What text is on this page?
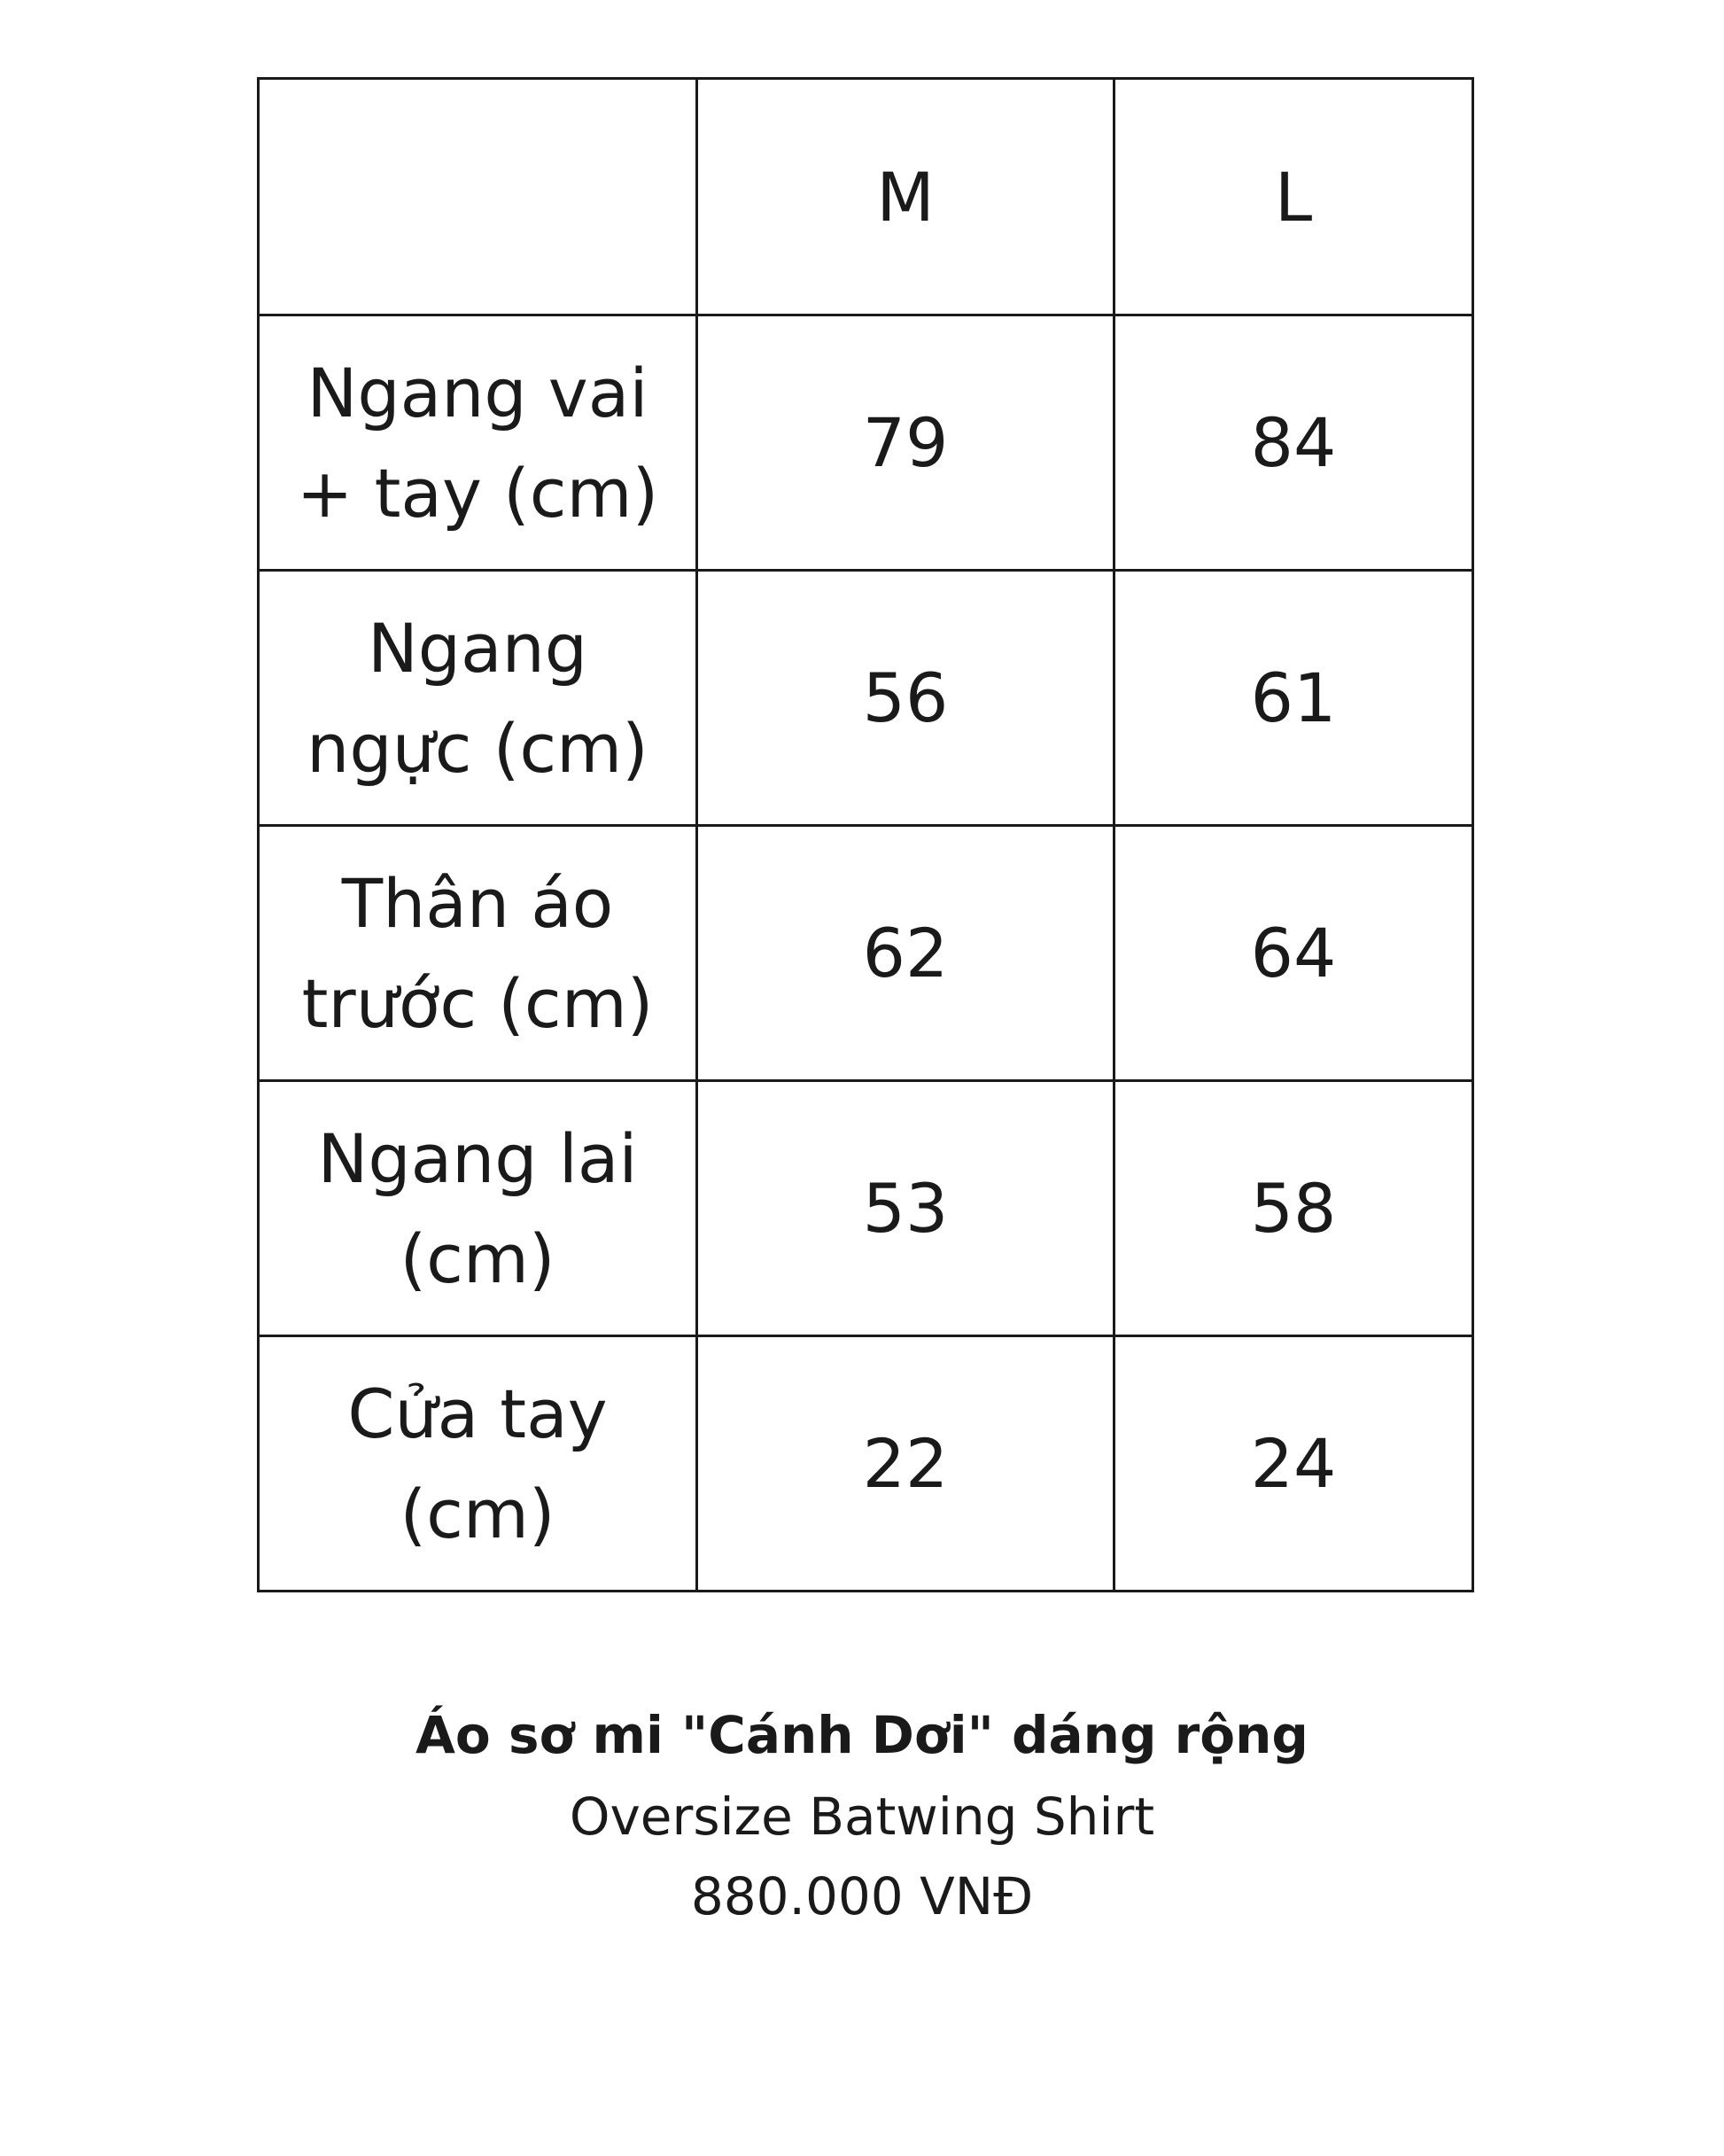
	M	L
Ngang vai + tay (cm)	79	84
Ngang ngực (cm)	56	61
Thân áo trước (cm)	62	64
Ngang lai (cm)	53	58
Cửa tay (cm)	22	24
Áo sơ mi "Cánh Dơi" dáng rộng
Oversize Batwing Shirt
880.000 VNĐ
